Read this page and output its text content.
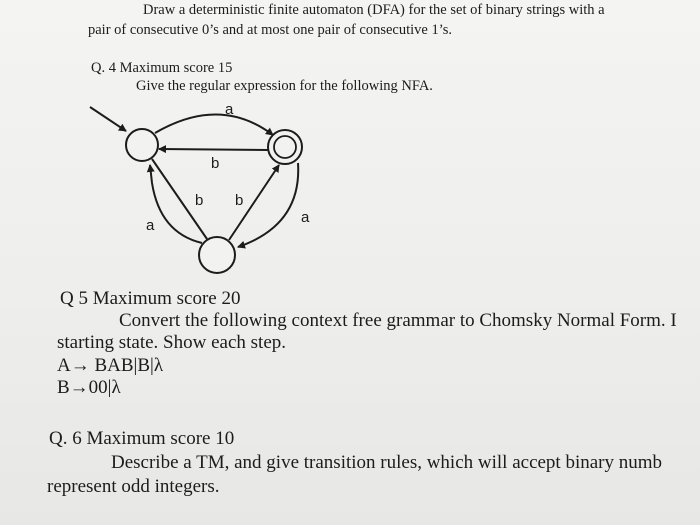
Draw a deterministic finite automaton (DFA) for the set of binary strings with a

pair of consecutive 0’s and at most one pair of consecutive 1’s.

Q. 4 Maximum score 15

Give the regular expression for the following NFA.

a
b
b b
a	a

Q 5 Maximum score 20

Convert the following context free grammar to Chomsky Normal Form. I

starting state. Show each step.

A→ BAB|B|λ

B→00|λ

Q. 6 Maximum score 10

Describe a TM, and give transition rules, which will accept binary numb

represent odd integers.
